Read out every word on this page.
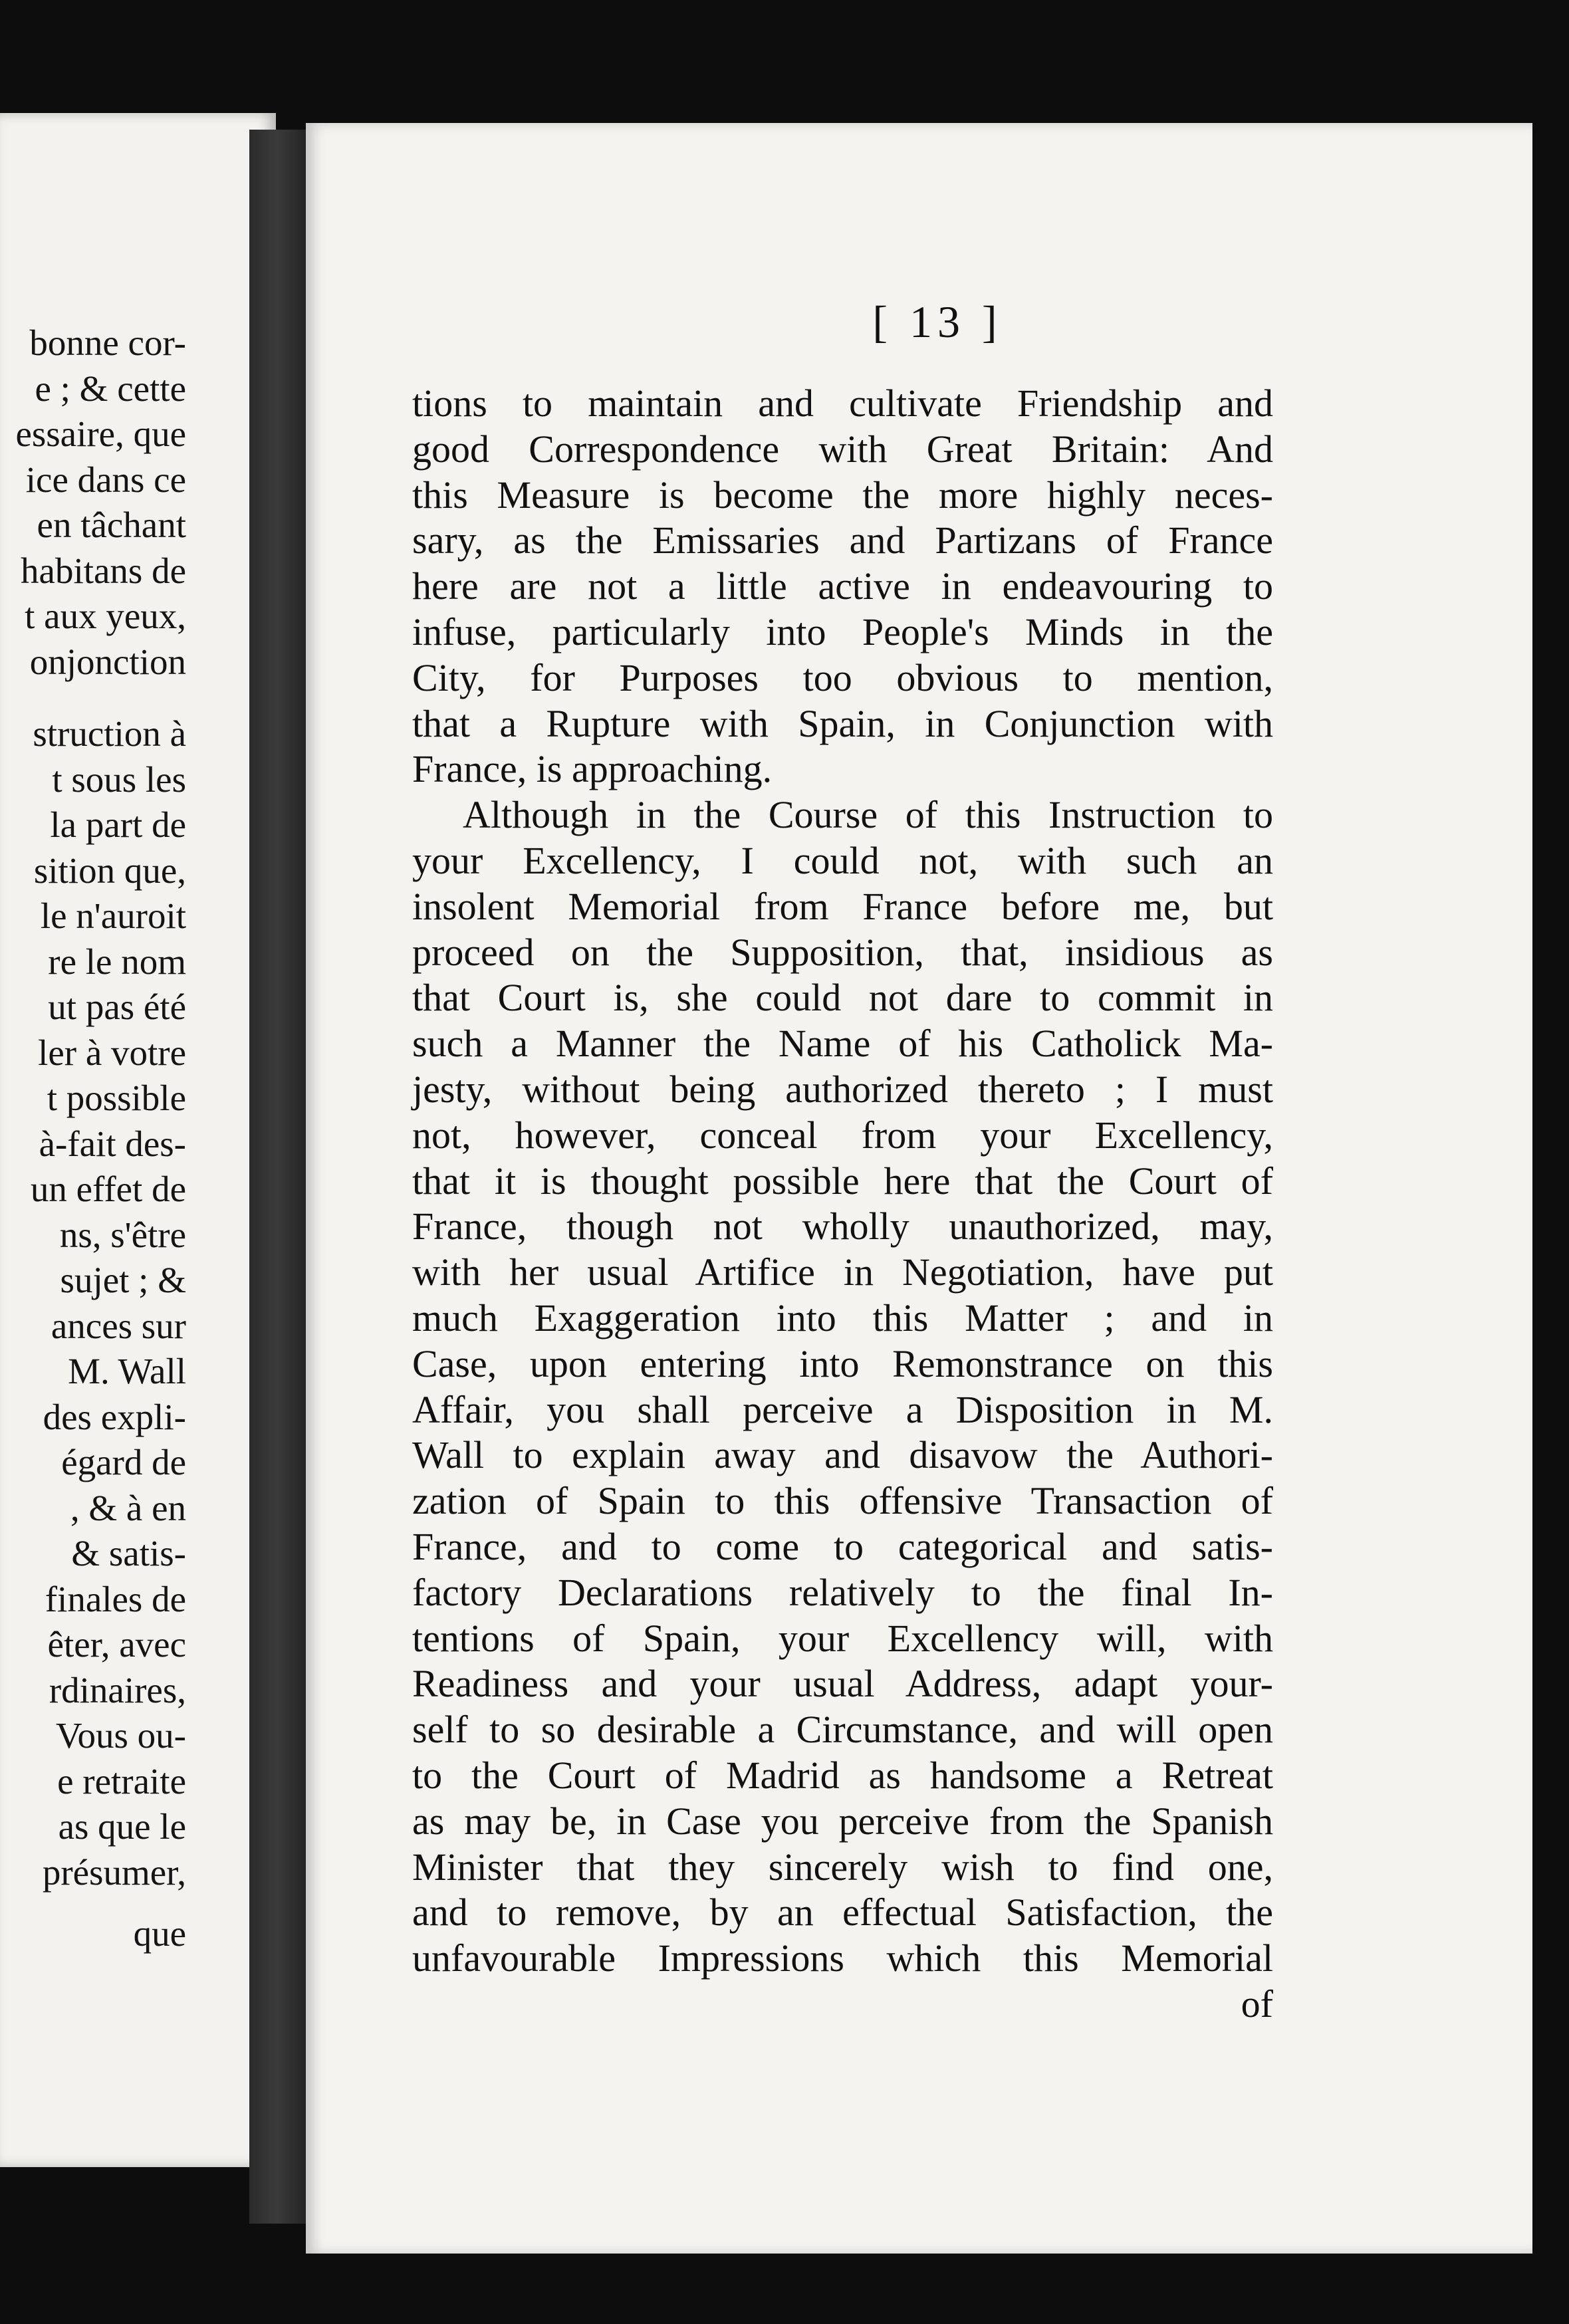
bonne cor-
e ; & cette
essaire, que
ice dans ce
en tâchant
habitans de
t aux yeux,
onjonction
struction à
t sous les
la part de
sition que,
le n'auroit
re le nom
ut pas été
ler à votre
t possible
à-fait des-
un effet de
ns, s'être
sujet ; &
ances sur
M. Wall
des expli-
égard de
, & à en
& satis-
finales de
êter, avec
rdinaires,
Vous ou-
e retraite
as que le
présumer,
que
[ 13 ]
tions to maintain and cultivate Friendship and
good Correspondence with Great Britain: And
this Measure is become the more highly neces-
sary, as the Emissaries and Partizans of France
here are not a little active in endeavouring to
infuse, particularly into People's Minds in the
City, for Purposes too obvious to mention,
that a Rupture with Spain, in Conjunction with
France, is approaching.
Although in the Course of this Instruction to
your Excellency, I could not, with such an
insolent Memorial from France before me, but
proceed on the Supposition, that, insidious as
that Court is, she could not dare to commit in
such a Manner the Name of his Catholick Ma-
jesty, without being authorized thereto ; I must
not, however, conceal from your Excellency,
that it is thought possible here that the Court of
France, though not wholly unauthorized, may,
with her usual Artifice in Negotiation, have put
much Exaggeration into this Matter ; and in
Case, upon entering into Remonstrance on this
Affair, you shall perceive a Disposition in M.
Wall to explain away and disavow the Authori-
zation of Spain to this offensive Transaction of
France, and to come to categorical and satis-
factory Declarations relatively to the final In-
tentions of Spain, your Excellency will, with
Readiness and your usual Address, adapt your-
self to so desirable a Circumstance, and will open
to the Court of Madrid as handsome a Retreat
as may be, in Case you perceive from the Spanish
Minister that they sincerely wish to find one,
and to remove, by an effectual Satisfaction, the
unfavourable Impressions which this Memorial
of
